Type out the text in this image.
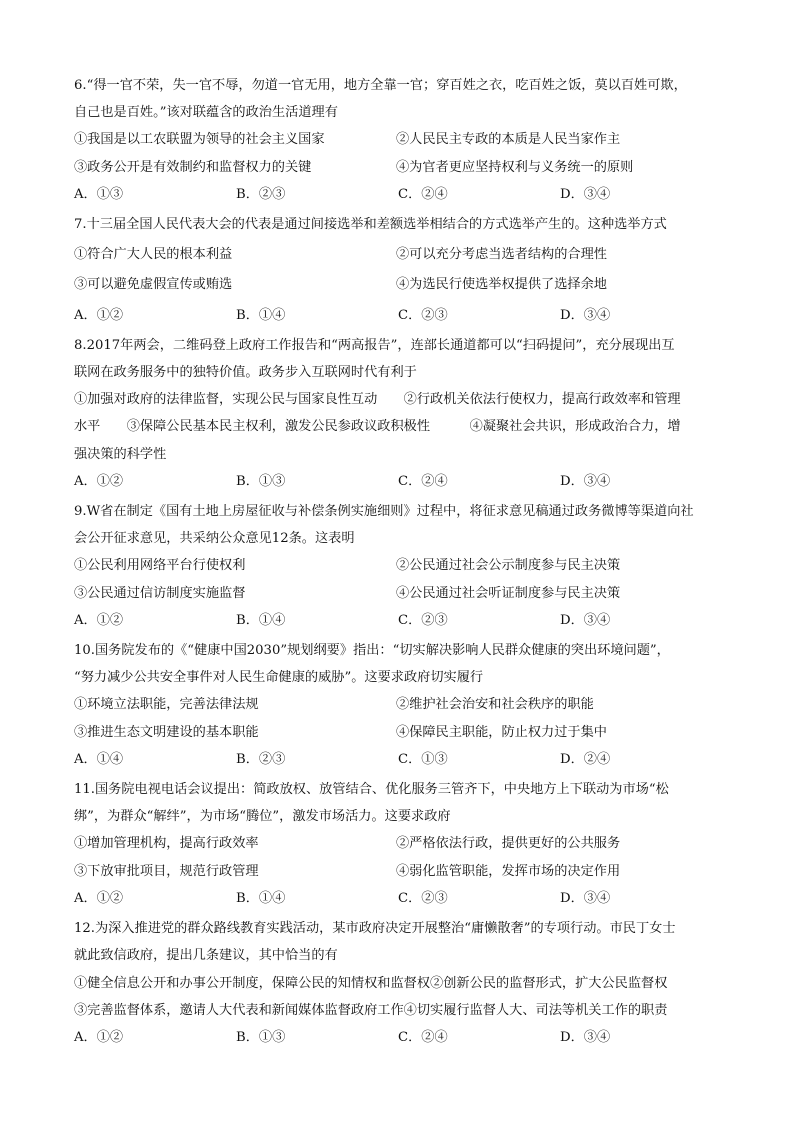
6.“得一官不荣，失一官不辱，勿道一官无用，地方全靠一官；穿百姓之衣，吃百姓之饭，莫以百姓可欺，
自己也是百姓。”该对联蕴含的政治生活道理有
①我国是以工农联盟为领导的社会主义国家	②人民民主专政的本质是人民当家作主
③政务公开是有效制约和监督权力的关键	④为官者更应坚持权利与义务统一的原则
A．①③	B．②③	C．②④	D．③④
7.十三届全国人民代表大会的代表是通过间接选举和差额选举相结合的方式选举产生的。这种选举方式
①符合广大人民的根本利益	②可以充分考虑当选者结构的合理性
③可以避免虚假宣传或贿选	④为选民行使选举权提供了选择余地
A．①②	B．①④	C．②③	D．③④
8.2017年两会，二维码登上政府工作报告和“两高报告”，连部长通道都可以“扫码提问”，充分展现出互
联网在政务服务中的独特价值。政务步入互联网时代有利于
①加强对政府的法律监督，实现公民与国家良性互动　　②行政机关依法行使权力，提高行政效率和管理
水平　　③保障公民基本民主权利，激发公民参政议政积极性　　　④凝聚社会共识，形成政治合力，增
强决策的科学性
A．①②	B．①③	C．②④	D．③④
9.W省在制定《国有土地上房屋征收与补偿条例实施细则》过程中，将征求意见稿通过政务微博等渠道向社
会公开征求意见，共采纳公众意见12条。这表明
①公民利用网络平台行使权利	②公民通过社会公示制度参与民主决策
③公民通过信访制度实施监督	④公民通过社会听证制度参与民主决策
A．①②	B．①④	C．②③	D．③④
10.国务院发布的《“健康中国2030”规划纲要》指出：“切实解决影响人民群众健康的突出环境问题”，
“努力减少公共安全事件对人民生命健康的威胁”。这要求政府切实履行
①环境立法职能，完善法律法规	②维护社会治安和社会秩序的职能
③推进生态文明建设的基本职能	④保障民主职能，防止权力过于集中
A．①④	B．②③	C．①③	D．②④
11.国务院电视电话会议提出：简政放权、放管结合、优化服务三管齐下，中央地方上下联动为市场“松
绑”，为群众“解绊”，为市场“腾位”，激发市场活力。这要求政府
①增加管理机构，提高行政效率	②严格依法行政，提供更好的公共服务
③下放审批项目，规范行政管理	④弱化监管职能，发挥市场的决定作用
A．①②	B．①④	C．②③	D．③④
12.为深入推进党的群众路线教育实践活动，某市政府决定开展整治“庸懒散奢”的专项行动。市民丁女士
就此致信政府，提出几条建议，其中恰当的有
①健全信息公开和办事公开制度，保障公民的知情权和监督权②创新公民的监督形式，扩大公民监督权
③完善监督体系，邀请人大代表和新闻媒体监督政府工作④切实履行监督人大、司法等机关工作的职责
A．①②	B．①③	C．②④	D．③④
